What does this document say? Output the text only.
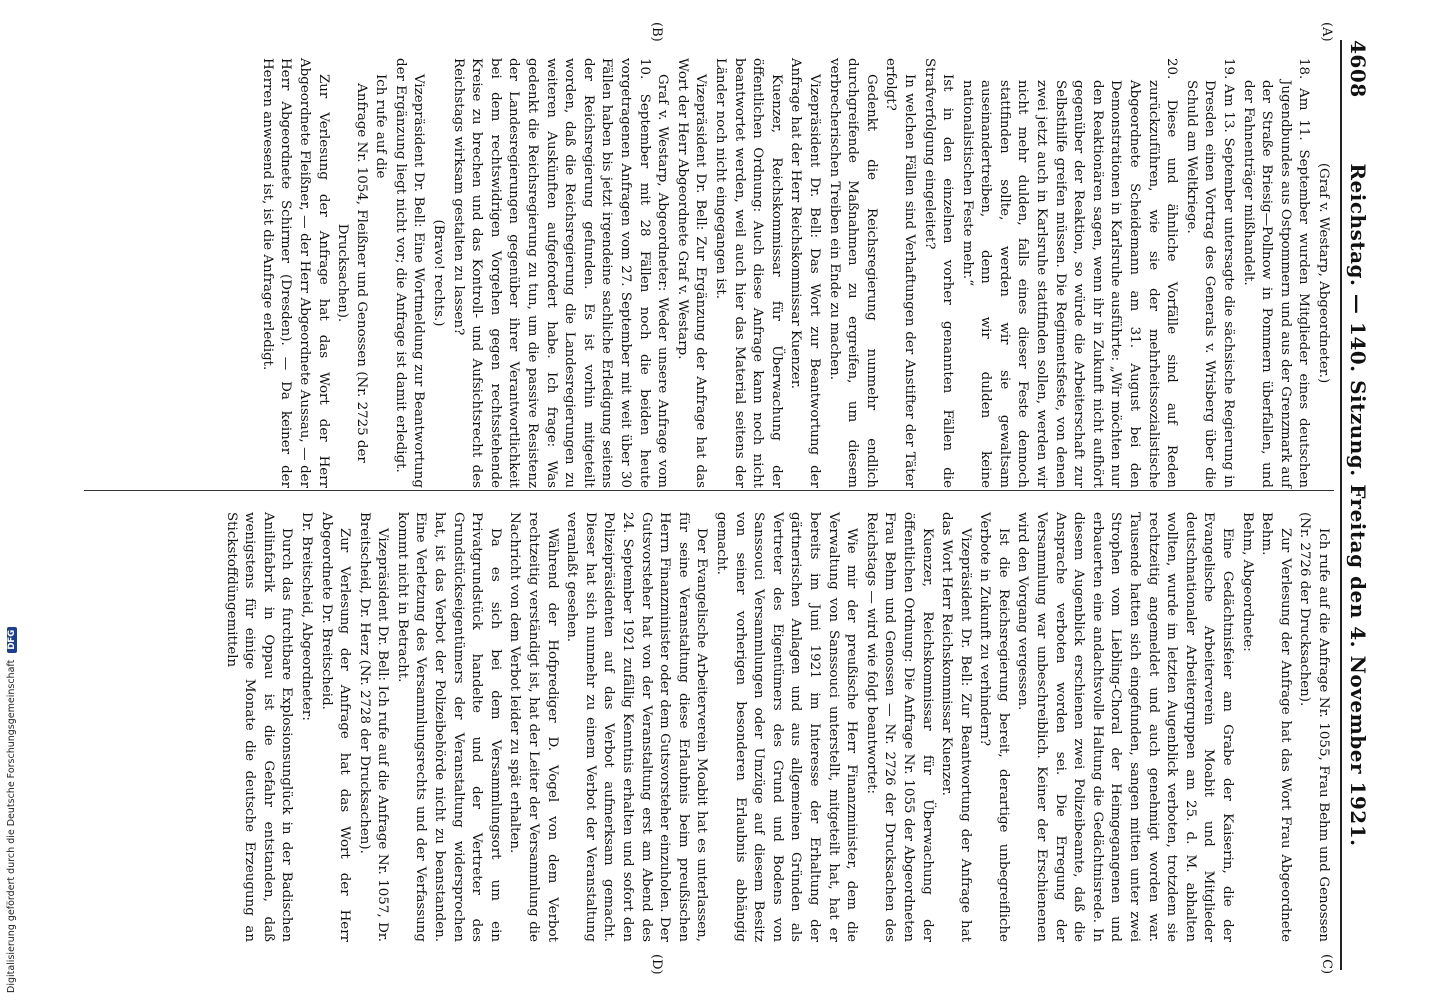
4608
Reichstag. — 140. Sitzung. Freitag den 4. November 1921.
(A)
(B)
(C)
(D)

(Graf v. Westarp, Abgeordneter.)

18. Am 11. September wurden Mitglieder eines deutschen Jugendbundes aus Ostpommern und aus der Grenzmark auf der Straße Briesig—Pollnow in Pommern überfallen, und der Fahnenträger mißhandelt.

19. Am 13. September untersagte die sächsische Regierung in Dresden einen Vortrag des Generals v. Wrisberg über die Schuld am Weltkriege.

20. Diese und ähnliche Vorfälle sind auf Reden zurückzuführen, wie sie der mehrheitssozialistische Abgeordnete Scheidemann am 31. August bei den Demonstrationen in Karlsruhe ausführte: „Wir möchten nur den Reaktionären sagen, wenn ihr in Zukunft nicht aufhört gegenüber der Reaktion, so würde die Arbeiterschaft zur Selbsthilfe greifen müssen. Die Regimentsfeste, von denen zwei jetzt auch in Karlsruhe stattfinden sollen, werden wir nicht mehr dulden, falls eines dieser Feste dennoch stattfinden sollte, werden wir sie gewaltsam auseinandertreiben, denn wir dulden keine nationalistischen Feste mehr.“

Ist in den einzelnen vorher genannten Fällen die Strafverfolgung eingeleitet?

In welchen Fällen sind Verhaftungen der Anstifter der Täter erfolgt?

Gedenkt die Reichsregierung nunmehr endlich durchgreifende Maßnahmen zu ergreifen, um diesem verbrecherischen Treiben ein Ende zu machen.

Vizepräsident Dr. Bell: Das Wort zur Beantwortung der Anfrage hat der Herr Reichskommissar Kuenzer.

Kuenzer, Reichskommissar für Überwachung der öffentlichen Ordnung: Auch diese Anfrage kann noch nicht beantwortet werden, weil auch hier das Material seitens der Länder noch nicht eingegangen ist.

Vizepräsident Dr. Bell: Zur Ergänzung der Anfrage hat das Wort der Herr Abgeordnete Graf v. Westarp.

Graf v. Westarp, Abgeordneter: Weder unsere Anfrage vom 10. September mit 28 Fällen noch die beiden heute vorgetragenen Anfragen vom 27. September mit weit über 30 Fällen haben bis jetzt irgendeine sachliche Erledigung seitens der Reichsregierung gefunden. Es ist vorhin mitgeteilt worden, daß die Reichsregierung die Landesregierungen zu weiteren Auskünften aufgefordert habe. Ich frage: Was gedenkt die Reichsregierung zu tun, um die passive Resistenz der Landesregierungen gegenüber ihrer Verantwortlichkeit bei dem rechtswidrigen Vorgehen gegen rechtsstehende Kreise zu brechen und das Kontroll- und Aufsichtsrecht des Reichstags wirksam gestalten zu lassen?

(Bravo! rechts.)

Vizepräsident Dr. Bell: Eine Wortmeldung zur Beantwortung der Ergänzung liegt nicht vor; die Anfrage ist damit erledigt.

Ich rufe auf die

Anfrage Nr. 1054, Fleißner und Genossen (Nr. 2725 der Drucksachen).

Zur Verlesung der Anfrage hat das Wort der Herr Abgeordnete Fleißner, — der Herr Abgeordnete Aussau, — der Herr Abgeordnete Schirmer (Dresden). — Da keiner der Herren anwesend ist, ist die Anfrage erledigt.

Ich rufe auf die Anfrage Nr. 1055, Frau Behm und Genossen (Nr. 2726 der Drucksachen).

Zur Verlesung der Anfrage hat das Wort Frau Abgeordnete Behm.

Behm, Abgeordnete:

Eine Gedächtnisfeier am Grabe der Kaiserin, die der Evangelische Arbeiterverein Moabit und Mitglieder deutschnationaler Arbeitergruppen am 25. d. M. abhalten wollten, wurde im letzten Augenblick verboten, trotzdem sie rechtzeitig angemeldet und auch genehmigt worden war. Tausende hatten sich eingefunden, sangen mitten unter zwei Strophen vom Liebling-Choral der Heimgegangenen und erbauerten eine andachtsvolle Haltung die Gedächtnisrede. In diesem Augenblick erschienen zwei Polizeibeamte, daß die Ansprache verboten worden sei. Die Erregung der Versammlung war unbeschreiblich. Keiner der Erschienenen wird den Vorgang vergessen.

Ist die Reichsregierung bereit, derartige unbegreifliche Verbote in Zukunft zu verhindern?

Vizepräsident Dr. Bell: Zur Beantwortung der Anfrage hat das Wort Herr Reichskommissar Kuenzer.

Kuenzer, Reichskommissar für Überwachung der öffentlichen Ordnung: Die Anfrage Nr. 1055 der Abgeordneten Frau Behm und Genossen — Nr. 2726 der Drucksachen des Reichstags — wird wie folgt beantwortet:

Wie mir der preußische Herr Finanzminister, dem die Verwaltung von Sanssouci unterstellt, mitgeteilt hat, hat er bereits im Juni 1921 im Interesse der Erhaltung der gärtnerischen Anlagen und aus allgemeinen Gründen als Vertreter des Eigentümers des Grund und Bodens von Sanssouci Versammlungen oder Umzüge auf diesem Besitz von seiner vorherigen besonderen Erlaubnis abhängig gemacht.

Der Evangelische Arbeiterverein Moabit hat es unterlassen, für seine Veranstaltung diese Erlaubnis beim preußischen Herrn Finanzminister oder dem Gutsvorsteher einzuholen. Der Gutsvorsteher hat von der Veranstaltung erst am Abend des 24. September 1921 zufällig Kenntnis erhalten und sofort den Polizeipräsidenten auf das Verbot aufmerksam gemacht. Dieser hat sich nunmehr zu einem Verbot der Veranstaltung veranlaßt gesehen.

Während der Hofprediger D. Vogel von dem Verbot rechtzeitig verständigt ist, hat der Leiter der Versammlung die Nachricht von dem Verbot leider zu spät erhalten.

Da es sich bei dem Versammlungsort um ein Privatgrundstück handelte und der Vertreter des Grundstückseigentümers der Veranstaltung widersprochen hat, ist das Verbot der Polizeibehörde nicht zu beanstanden. Eine Verletzung des Versammlungsrechts und der Verfassung kommt nicht in Betracht.

Vizepräsident Dr. Bell: Ich rufe auf die Anfrage Nr. 1057, Dr. Breitscheid, Dr. Herz (Nr. 2728 der Drucksachen).

Zur Verlesung der Anfrage hat das Wort der Herr Abgeordnete Dr. Breitscheid.

Dr. Breitscheid, Abgeordneter:

Durch das furchtbare Explosionsunglück in der Badischen Anilinfabrik in Oppau ist die Gefahr entstanden, daß wenigstens für einige Monate die deutsche Erzeugung an Stickstoffdüngemitteln

Digitalisierung gefördert durch die Deutsche Forschungsgemeinschaft DFG
